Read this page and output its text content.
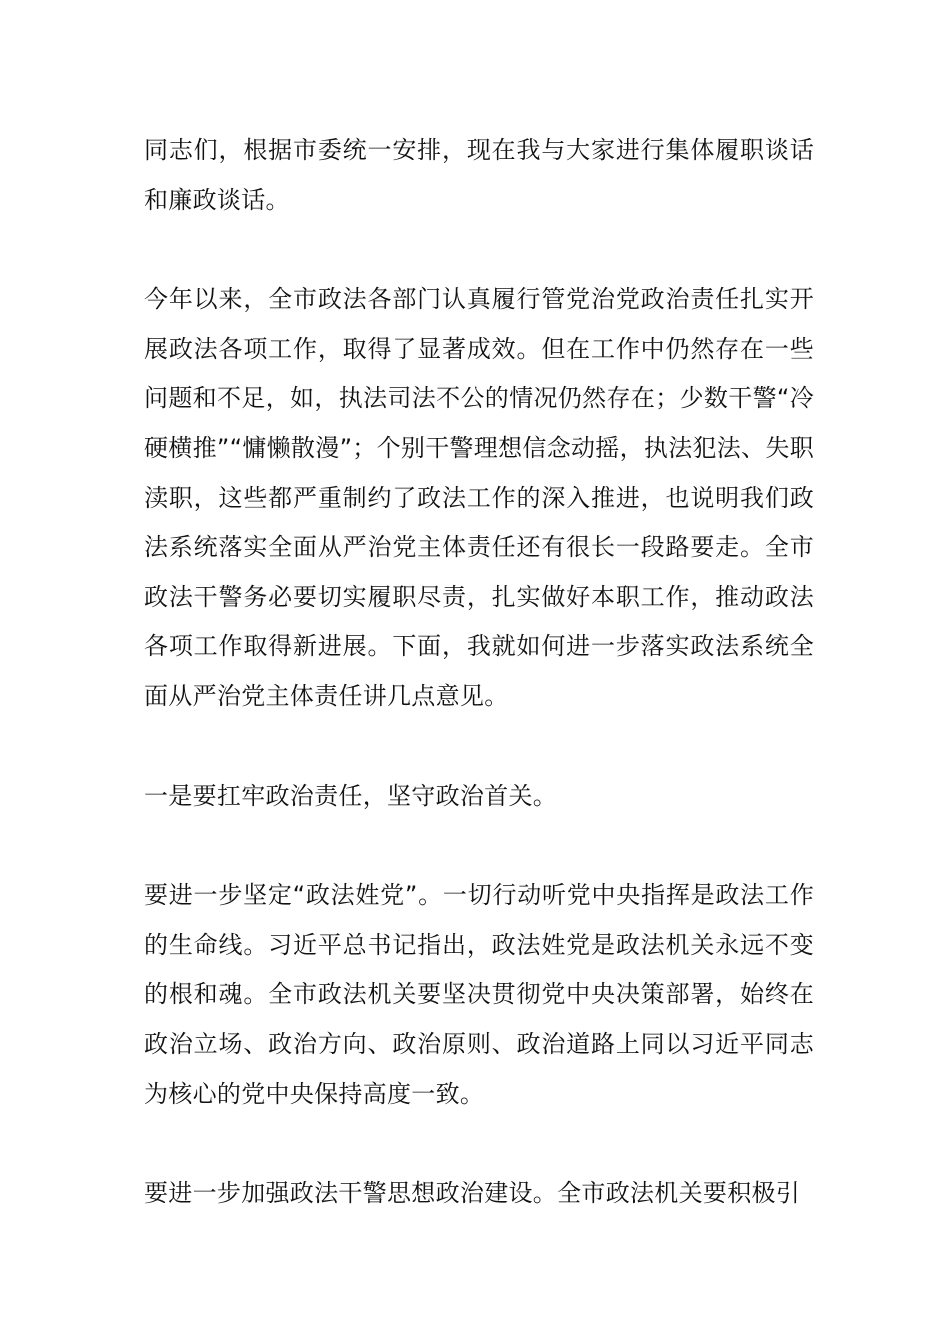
同志们，根据市委统一安排，现在我与大家进行集体履职谈话和廉政谈话。

今年以来，全市政法各部门认真履行管党治党政治责任扎实开展政法各项工作，取得了显著成效。但在工作中仍然存在一些问题和不足，如，执法司法不公的情况仍然存在；少数干警“冷硬横推”“慵懒散漫”；个别干警理想信念动摇，执法犯法、失职渎职，这些都严重制约了政法工作的深入推进，也说明我们政法系统落实全面从严治党主体责任还有很长一段路要走。全市政法干警务必要切实履职尽责，扎实做好本职工作，推动政法各项工作取得新进展。下面，我就如何进一步落实政法系统全面从严治党主体责任讲几点意见。

一是要扛牢政治责任，坚守政治首关。

要进一步坚定“政法姓党”。一切行动听党中央指挥是政法工作的生命线。习近平总书记指出，政法姓党是政法机关永远不变的根和魂。全市政法机关要坚决贯彻党中央决策部署，始终在政治立场、政治方向、政治原则、政治道路上同以习近平同志为核心的党中央保持高度一致。

要进一步加强政法干警思想政治建设。全市政法机关要积极引
